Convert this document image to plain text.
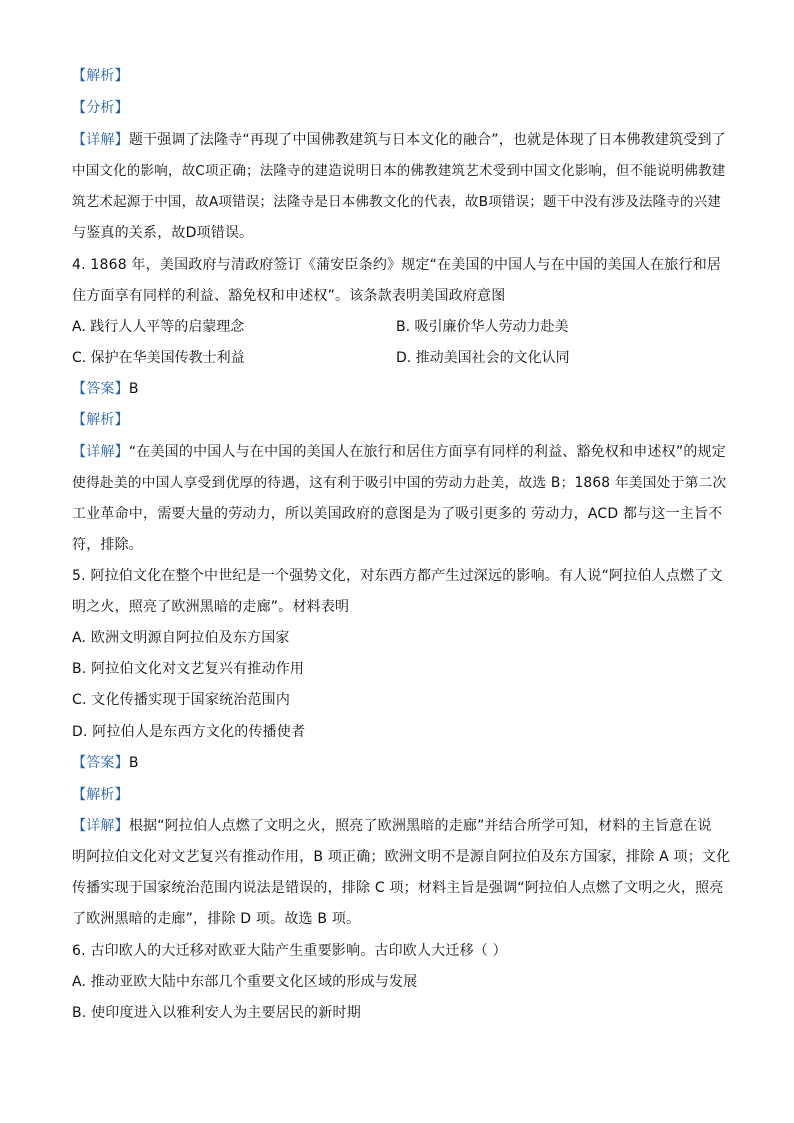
【解析】
【分析】
【详解】题干强调了法隆寺“再现了中国佛教建筑与日本文化的融合”，也就是体现了日本佛教建筑受到了
中国文化的影响，故C项正确；法隆寺的建造说明日本的佛教建筑艺术受到中国文化影响，但不能说明佛教建
筑艺术起源于中国，故A项错误；法隆寺是日本佛教文化的代表，故B项错误；题干中没有涉及法隆寺的兴建
与鉴真的关系，故D项错误。
4. 1868 年，美国政府与清政府签订《蒲安臣条约》规定“在美国的中国人与在中国的美国人在旅行和居
住方面享有同样的利益、豁免权和申述权”。该条款表明美国政府意图
A. 践行人人平等的启蒙理念	B. 吸引廉价华人劳动力赴美
C. 保护在华美国传教士利益	D. 推动美国社会的文化认同
【答案】B
【解析】
【详解】“在美国的中国人与在中国的美国人在旅行和居住方面享有同样的利益、豁免权和申述权”的规定
使得赴美的中国人享受到优厚的待遇，这有利于吸引中国的劳动力赴美，故选 B；1868 年美国处于第二次
工业革命中，需要大量的劳动力，所以美国政府的意图是为了吸引更多的 劳动力，ACD 都与这一主旨不
符，排除。
5. 阿拉伯文化在整个中世纪是一个强势文化，对东西方都产生过深远的影响。有人说“阿拉伯人点燃了文
明之火，照亮了欧洲黑暗的走廊”。材料表明
A. 欧洲文明源自阿拉伯及东方国家
B. 阿拉伯文化对文艺复兴有推动作用
C. 文化传播实现于国家统治范围内
D. 阿拉伯人是东西方文化的传播使者
【答案】B
【解析】
【详解】根据“阿拉伯人点燃了文明之火，照亮了欧洲黑暗的走廊”并结合所学可知，材料的主旨意在说
明阿拉伯文化对文艺复兴有推动作用，B 项正确；欧洲文明不是源自阿拉伯及东方国家，排除 A 项；文化
传播实现于国家统治范围内说法是错误的，排除 C 项；材料主旨是强调“阿拉伯人点燃了文明之火，照亮
了欧洲黑暗的走廊”，排除 D 项。故选 B 项。
6. 古印欧人的大迁移对欧亚大陆产生重要影响。古印欧人大迁移（ ）
A. 推动亚欧大陆中东部几个重要文化区域的形成与发展
B. 使印度进入以雅利安人为主要居民的新时期
